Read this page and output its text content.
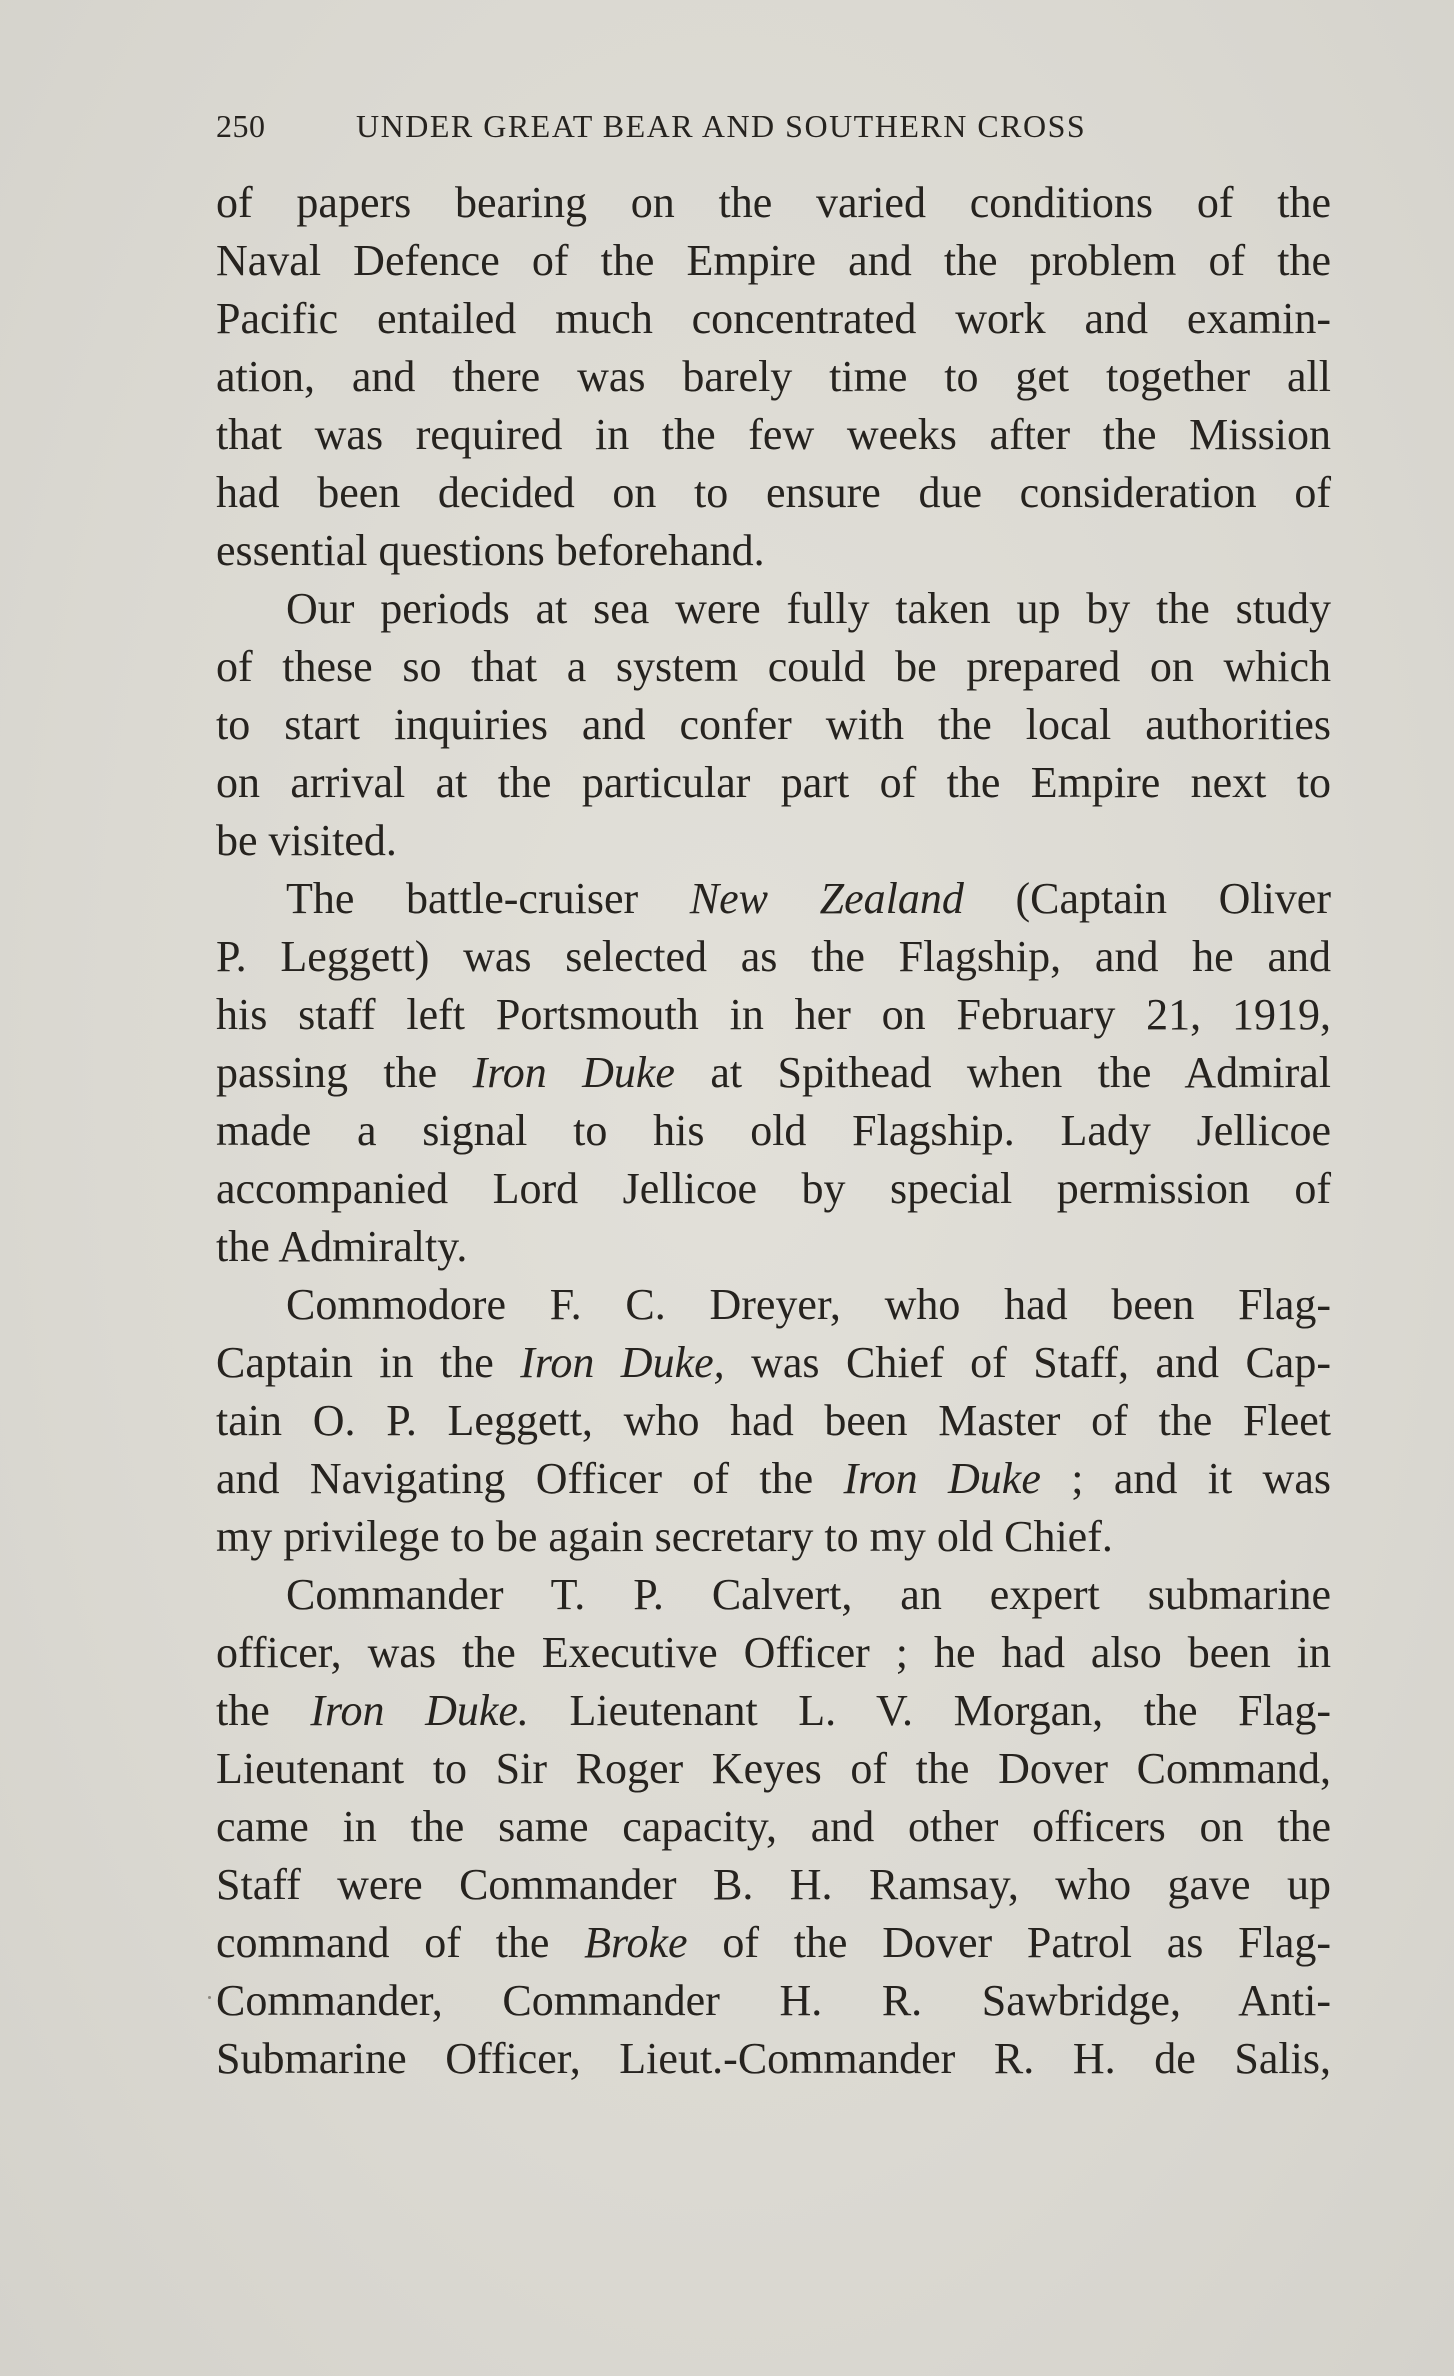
250	UNDER GREAT BEAR AND SOUTHERN CROSS
of papers bearing on the varied conditions of the
Naval Defence of the Empire and the problem of the
Pacific entailed much concentrated work and examin-
ation, and there was barely time to get together all
that was required in the few weeks after the Mission
had been decided on to ensure due consideration of
essential questions beforehand.
Our periods at sea were fully taken up by the study
of these so that a system could be prepared on which
to start inquiries and confer with the local authorities
on arrival at the particular part of the Empire next to
be visited.
The battle-cruiser New Zealand (Captain Oliver
P. Leggett) was selected as the Flagship, and he and
his staff left Portsmouth in her on February 21, 1919,
passing the Iron Duke at Spithead when the Admiral
made a signal to his old Flagship. Lady Jellicoe
accompanied Lord Jellicoe by special permission of
the Admiralty.
Commodore F. C. Dreyer, who had been Flag-
Captain in the Iron Duke, was Chief of Staff, and Cap-
tain O. P. Leggett, who had been Master of the Fleet
and Navigating Officer of the Iron Duke ; and it was
my privilege to be again secretary to my old Chief.
Commander T. P. Calvert, an expert submarine
officer, was the Executive Officer ; he had also been in
the Iron Duke. Lieutenant L. V. Morgan, the Flag-
Lieutenant to Sir Roger Keyes of the Dover Command,
came in the same capacity, and other officers on the
Staff were Commander B. H. Ramsay, who gave up
command of the Broke of the Dover Patrol as Flag-
Commander, Commander H. R. Sawbridge, Anti-
Submarine Officer, Lieut.-Commander R. H. de Salis,
